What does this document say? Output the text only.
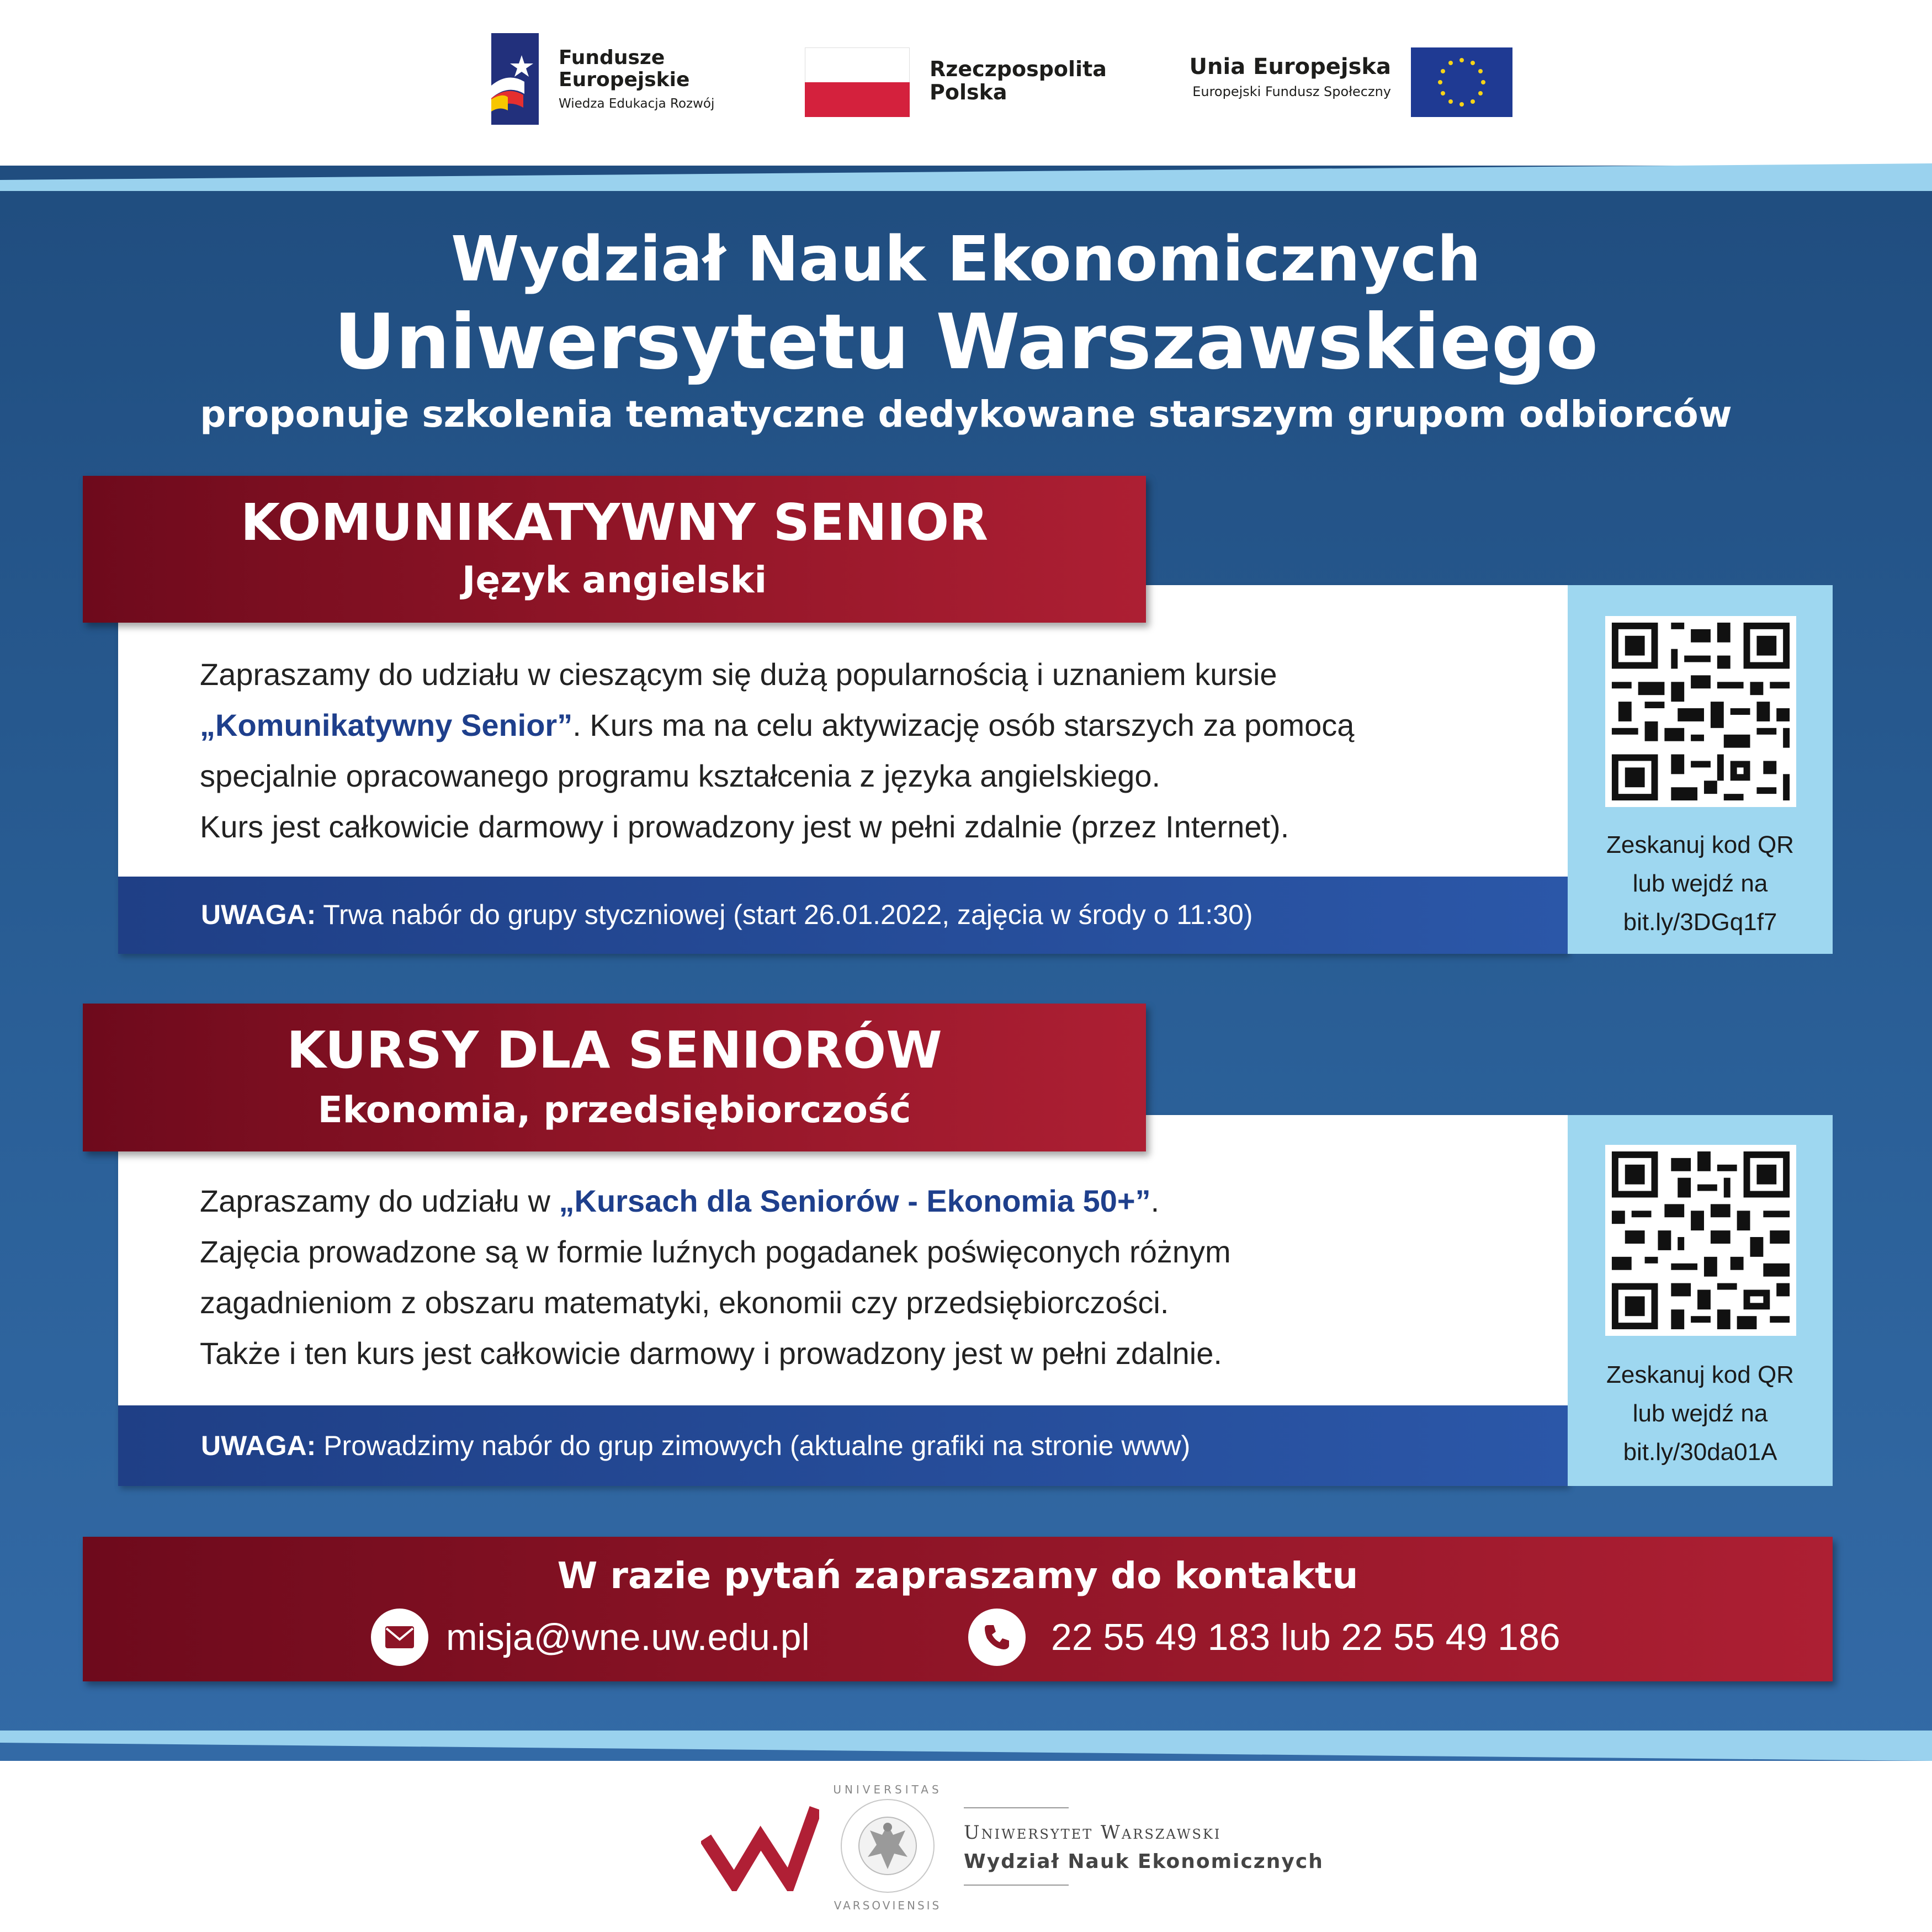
Fundusze
Europejskie
Wiedza Edukacja Rozwój
Rzeczpospolita
Polska
Unia Europejska
Europejski Fundusz Społeczny
Wydział Nauk Ekonomicznych
Uniwersytetu Warszawskiego
proponuje szkolenia tematyczne dedykowane starszym grupom odbiorców
Zapraszamy do udziału w cieszącym się dużą popularnością i uznaniem kursie
„Komunikatywny Senior”. Kurs ma na celu aktywizację osób starszych za pomocą
specjalnie opracowanego programu kształcenia z języka angielskiego.
Kurs jest całkowicie darmowy i prowadzony jest w pełni zdalnie (przez Internet).
UWAGA: Trwa nabór do grupy styczniowej (start 26.01.2022, zajęcia w środy o 11:30)
Zeskanuj kod QR
lub wejdź na
bit.ly/3DGq1f7
KOMUNIKATYWNY SENIOR
Język angielski
Zapraszamy do udziału w „Kursach dla Seniorów - Ekonomia 50+”.
Zajęcia prowadzone są w formie luźnych pogadanek poświęconych różnym
zagadnieniom z obszaru matematyki, ekonomii czy przedsiębiorczości.
Także i ten kurs jest całkowicie darmowy i prowadzony jest w pełni zdalnie.
UWAGA: Prowadzimy nabór do grup zimowych (aktualne grafiki na stronie www)
Zeskanuj kod QR
lub wejdź na
bit.ly/30da01A
KURSY DLA SENIORÓW
Ekonomia, przedsiębiorczość
W razie pytań zapraszamy do kontaktu
misja@wne.uw.edu.pl	22 55 49 183 lub 22 55 49 186
UNIVERSITAS
VARSOVIENSIS
Uniwersytet Warszawski
Wydział Nauk Ekonomicznych
